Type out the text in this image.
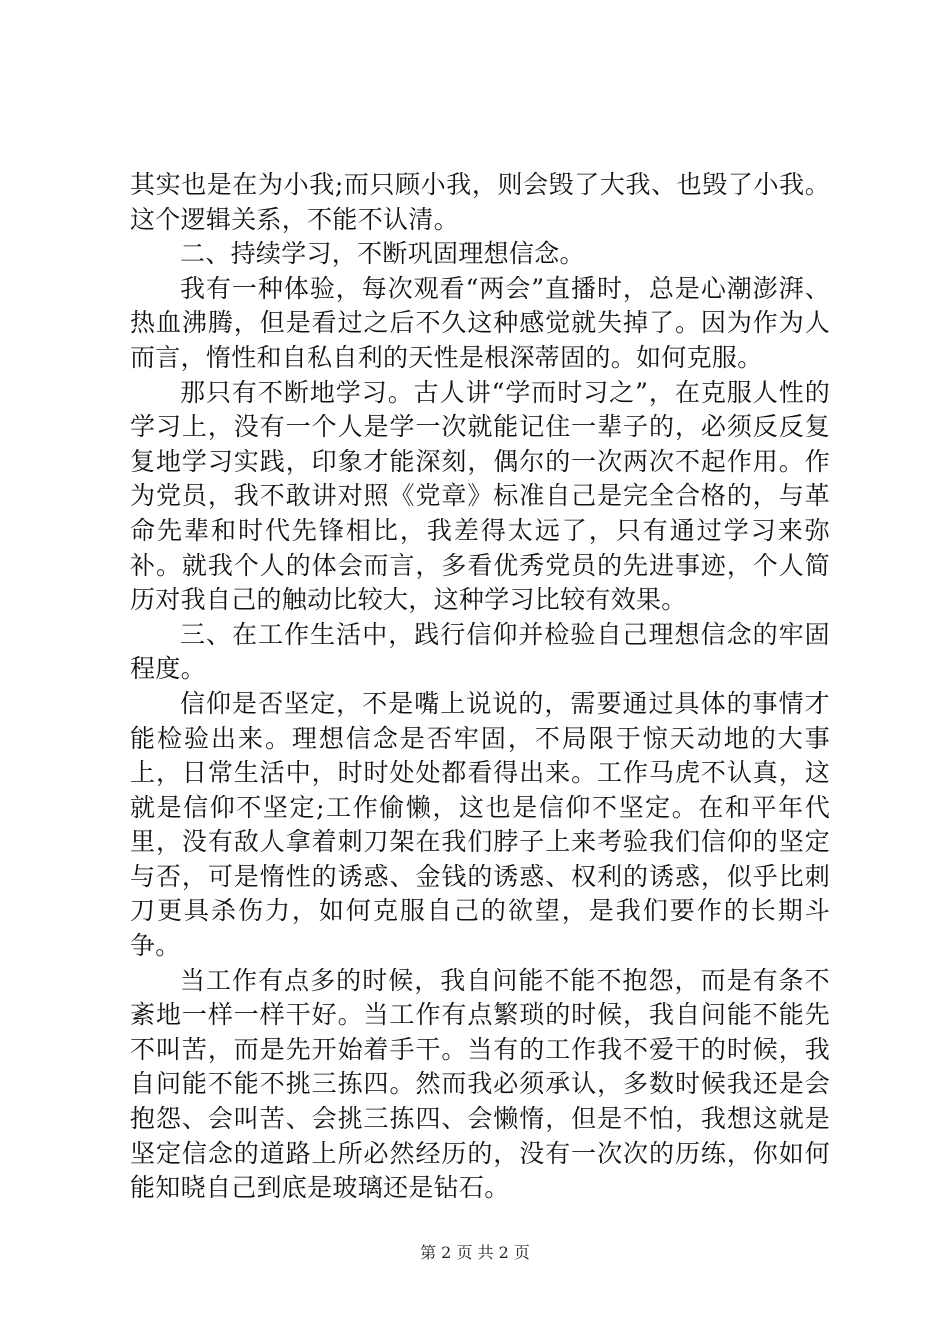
其实也是在为小我;而只顾小我，则会毁了大我、也毁了小我。这个逻辑关系，不能不认清。

二、持续学习，不断巩固理想信念。

我有一种体验，每次观看“两会”直播时，总是心潮澎湃、热血沸腾，但是看过之后不久这种感觉就失掉了。因为作为人而言，惰性和自私自利的天性是根深蒂固的。如何克服。

那只有不断地学习。古人讲“学而时习之”，在克服人性的学习上，没有一个人是学一次就能记住一辈子的，必须反反复复地学习实践，印象才能深刻，偶尔的一次两次不起作用。作为党员，我不敢讲对照《党章》标准自己是完全合格的，与革命先辈和时代先锋相比，我差得太远了，只有通过学习来弥补。就我个人的体会而言，多看优秀党员的先进事迹，个人简历对我自己的触动比较大，这种学习比较有效果。

三、在工作生活中，践行信仰并检验自己理想信念的牢固程度。

信仰是否坚定，不是嘴上说说的，需要通过具体的事情才能检验出来。理想信念是否牢固，不局限于惊天动地的大事上，日常生活中，时时处处都看得出来。工作马虎不认真，这就是信仰不坚定;工作偷懒，这也是信仰不坚定。在和平年代里，没有敌人拿着刺刀架在我们脖子上来考验我们信仰的坚定与否，可是惰性的诱惑、金钱的诱惑、权利的诱惑，似乎比刺刀更具杀伤力，如何克服自己的欲望，是我们要作的长期斗争。

当工作有点多的时候，我自问能不能不抱怨，而是有条不紊地一样一样干好。当工作有点繁琐的时候，我自问能不能先不叫苦，而是先开始着手干。当有的工作我不爱干的时候，我自问能不能不挑三拣四。然而我必须承认，多数时候我还是会抱怨、会叫苦、会挑三拣四、会懒惰，但是不怕，我想这就是坚定信念的道路上所必然经历的，没有一次次的历练，你如何能知晓自己到底是玻璃还是钻石。

第 2 页 共 2 页
